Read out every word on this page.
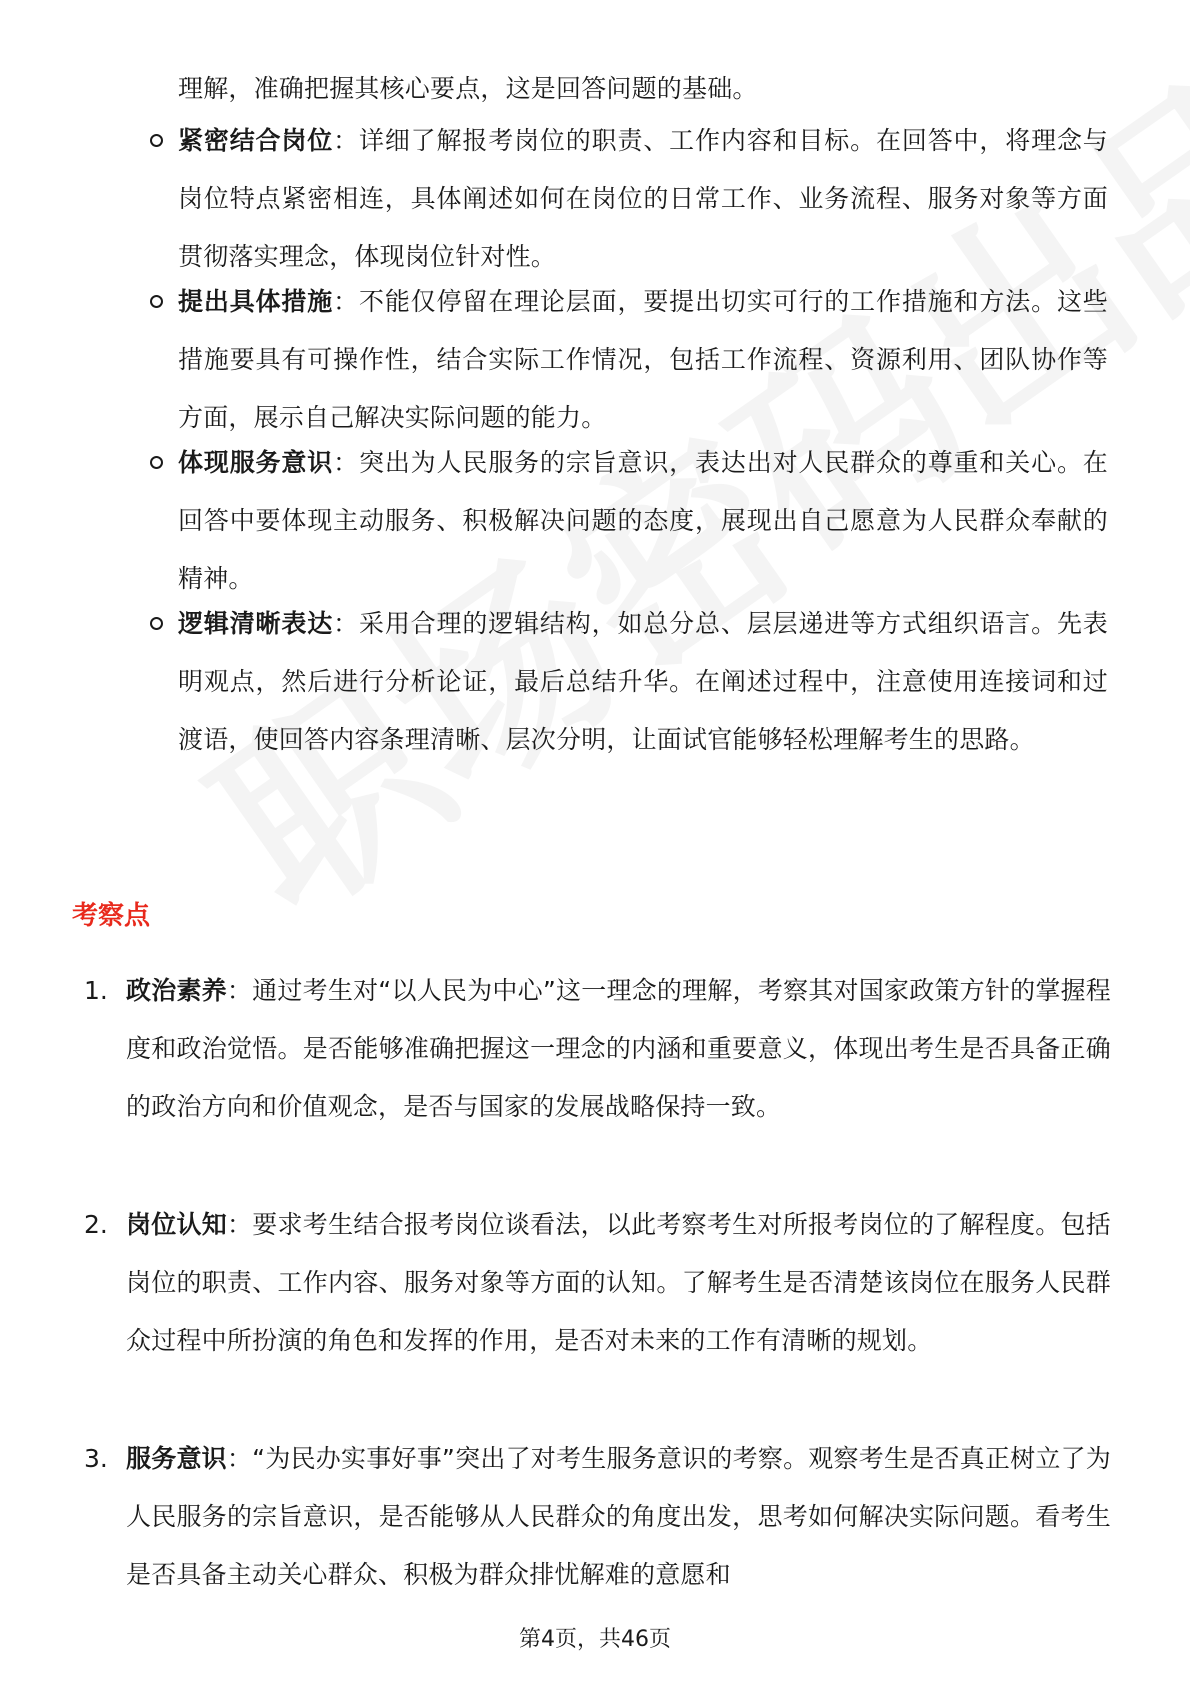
理解，准确把握其核心要点，这是回答问题的基础。

紧密结合岗位：详细了解报考岗位的职责、工作内容和目标。在回答中，将理念与岗位特点紧密相连，具体阐述如何在岗位的日常工作、业务流程、服务对象等方面贯彻落实理念，体现岗位针对性。

提出具体措施：不能仅停留在理论层面，要提出切实可行的工作措施和方法。这些措施要具有可操作性，结合实际工作情况，包括工作流程、资源利用、团队协作等方面，展示自己解决实际问题的能力。

体现服务意识：突出为人民服务的宗旨意识，表达出对人民群众的尊重和关心。在回答中要体现主动服务、积极解决问题的态度，展现出自己愿意为人民群众奉献的精神。

逻辑清晰表达：采用合理的逻辑结构，如总分总、层层递进等方式组织语言。先表明观点，然后进行分析论证，最后总结升华。在阐述过程中，注意使用连接词和过渡语，使回答内容条理清晰、层次分明，让面试官能够轻松理解考生的思路。

考察点
1. 政治素养：通过考生对“以人民为中心”这一理念的理解，考察其对国家政策方针的掌握程度和政治觉悟。是否能够准确把握这一理念的内涵和重要意义，体现出考生是否具备正确的政治方向和价值观念，是否与国家的发展战略保持一致。

2. 岗位认知：要求考生结合报考岗位谈看法，以此考察考生对所报考岗位的了解程度。包括岗位的职责、工作内容、服务对象等方面的认知。了解考生是否清楚该岗位在服务人民群众过程中所扮演的角色和发挥的作用，是否对未来的工作有清晰的规划。

3. 服务意识：“为民办实事好事”突出了对考生服务意识的考察。观察考生是否真正树立了为人民服务的宗旨意识，是否能够从人民群众的角度出发，思考如何解决实际问题。看考生是否具备主动关心群众、积极为群众排忧解难的意愿和

第4页，共46页
